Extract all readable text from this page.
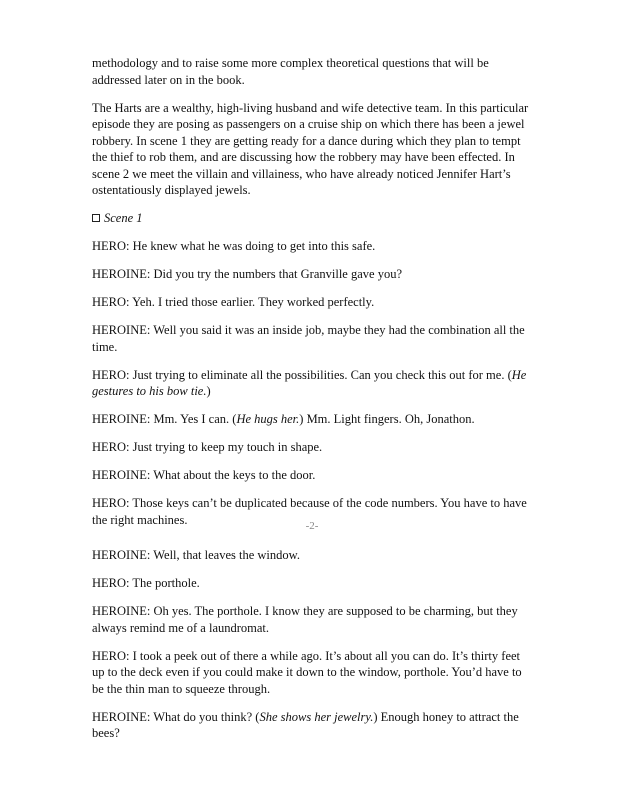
methodology and to raise some more complex theoretical questions that will be addressed later on in the book.

The Harts are a wealthy, high-living husband and wife detective team. In this particular episode they are posing as passengers on a cruise ship on which there has been a jewel robbery. In scene 1 they are getting ready for a dance during which they plan to tempt the thief to rob them, and are discussing how the robbery may have been effected. In scene 2 we meet the villain and villainess, who have already noticed Jennifer Hart’s ostentatiously displayed jewels.

Scene 1

HERO: He knew what he was doing to get into this safe.

HEROINE: Did you try the numbers that Granville gave you?

HERO: Yeh. I tried those earlier. They worked perfectly.

HEROINE: Well you said it was an inside job, maybe they had the combination all the time.

HERO: Just trying to eliminate all the possibilities. Can you check this out for me. (He gestures to his bow tie.)

HEROINE: Mm. Yes I can. (He hugs her.) Mm. Light fingers. Oh, Jonathon.

HERO: Just trying to keep my touch in shape.

HEROINE: What about the keys to the door.

HERO: Those keys can’t be duplicated because of the code numbers. You have to have the right machines.	-2-

HEROINE: Well, that leaves the window.

HERO: The porthole.

HEROINE: Oh yes. The porthole. I know they are supposed to be charming, but they always remind me of a laundromat.

HERO: I took a peek out of there a while ago. It’s about all you can do. It’s thirty feet up to the deck even if you could make it down to the window, porthole. You’d have to be the thin man to squeeze through.

HEROINE: What do you think? (She shows her jewelry.) Enough honey to attract the bees?
